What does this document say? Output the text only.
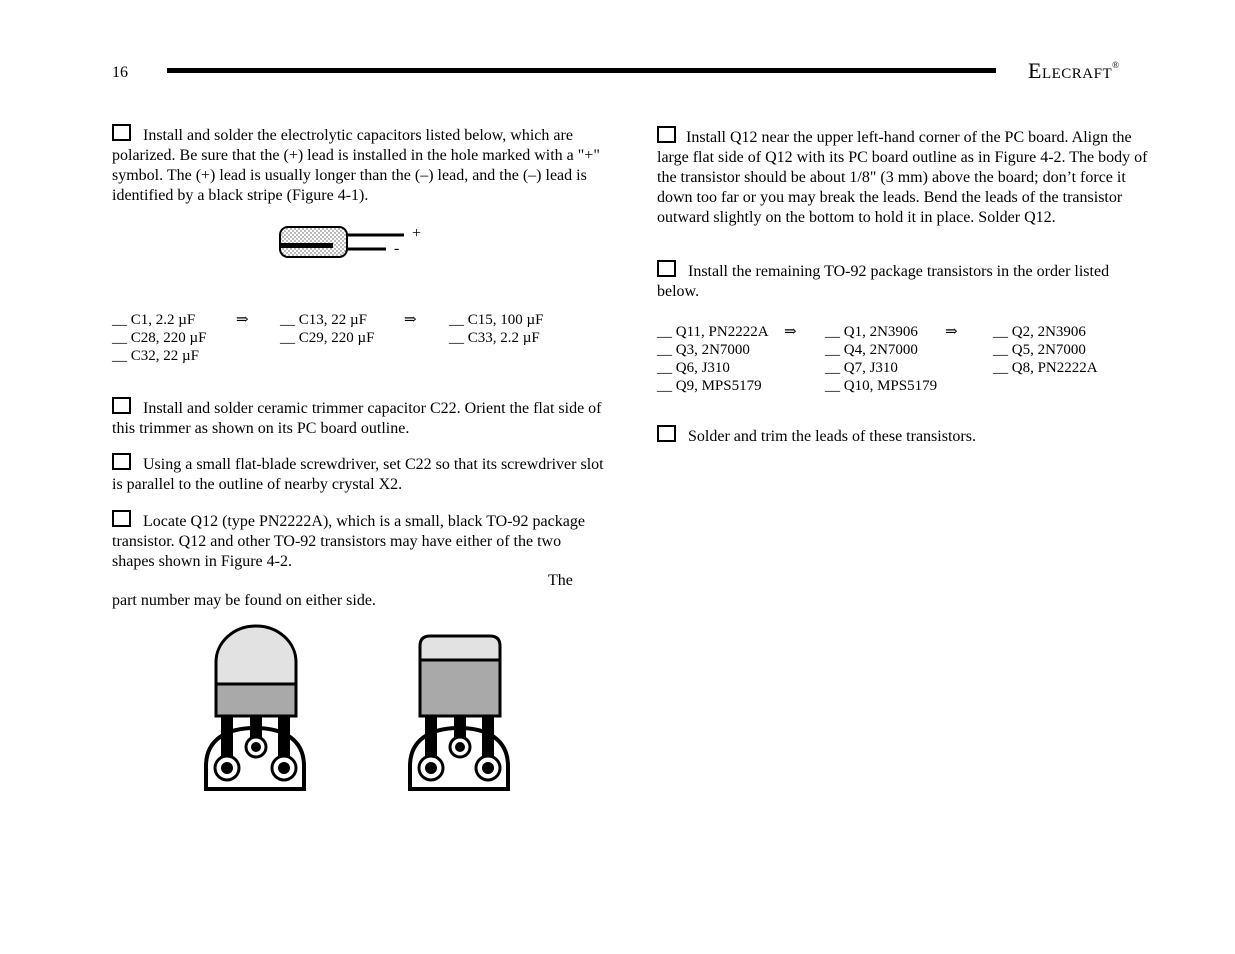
16	ELECRAFT®
Install and solder the electrolytic capacitors listed below, which are polarized. Be sure that the (+) lead is installed in the hole marked with a "+" symbol. The (+) lead is usually longer than the (–) lead, and the (–) lead is identified by a black stripe (Figure 4-1).
+
-
__ C1, 2.2 µF
__ C28, 220 µF
__ C32, 22 µF
⇒ __ C13, 22 µF
__ C29, 220 µF
⇒ __ C15, 100 µF
__ C33, 2.2 µF
Install and solder ceramic trimmer capacitor C22. Orient the flat side of this trimmer as shown on its PC board outline.
Using a small flat-blade screwdriver, set C22 so that its screwdriver slot is parallel to the outline of nearby crystal X2.
Locate Q12 (type PN2222A), which is a small, black TO-92 package transistor. Q12 and other TO-92 transistors may have either of the two shapes shown in Figure 4-2.
The
part number may be found on either side.
Install Q12 near the upper left-hand corner of the PC board. Align the large flat side of Q12 with its PC board outline as in Figure 4-2. The body of the transistor should be about 1/8" (3 mm) above the board; don’t force it down too far or you may break the leads. Bend the leads of the transistor outward slightly on the bottom to hold it in place. Solder Q12.
Install the remaining TO-92 package transistors in the order listed below.
__ Q11, PN2222A
__ Q3, 2N7000
__ Q6, J310
__ Q9, MPS5179
⇒ __ Q1, 2N3906
__ Q4, 2N7000
__ Q7, J310
__ Q10, MPS5179
⇒ __ Q2, 2N3906
__ Q5, 2N7000
__ Q8, PN2222A
Solder and trim the leads of these transistors.
